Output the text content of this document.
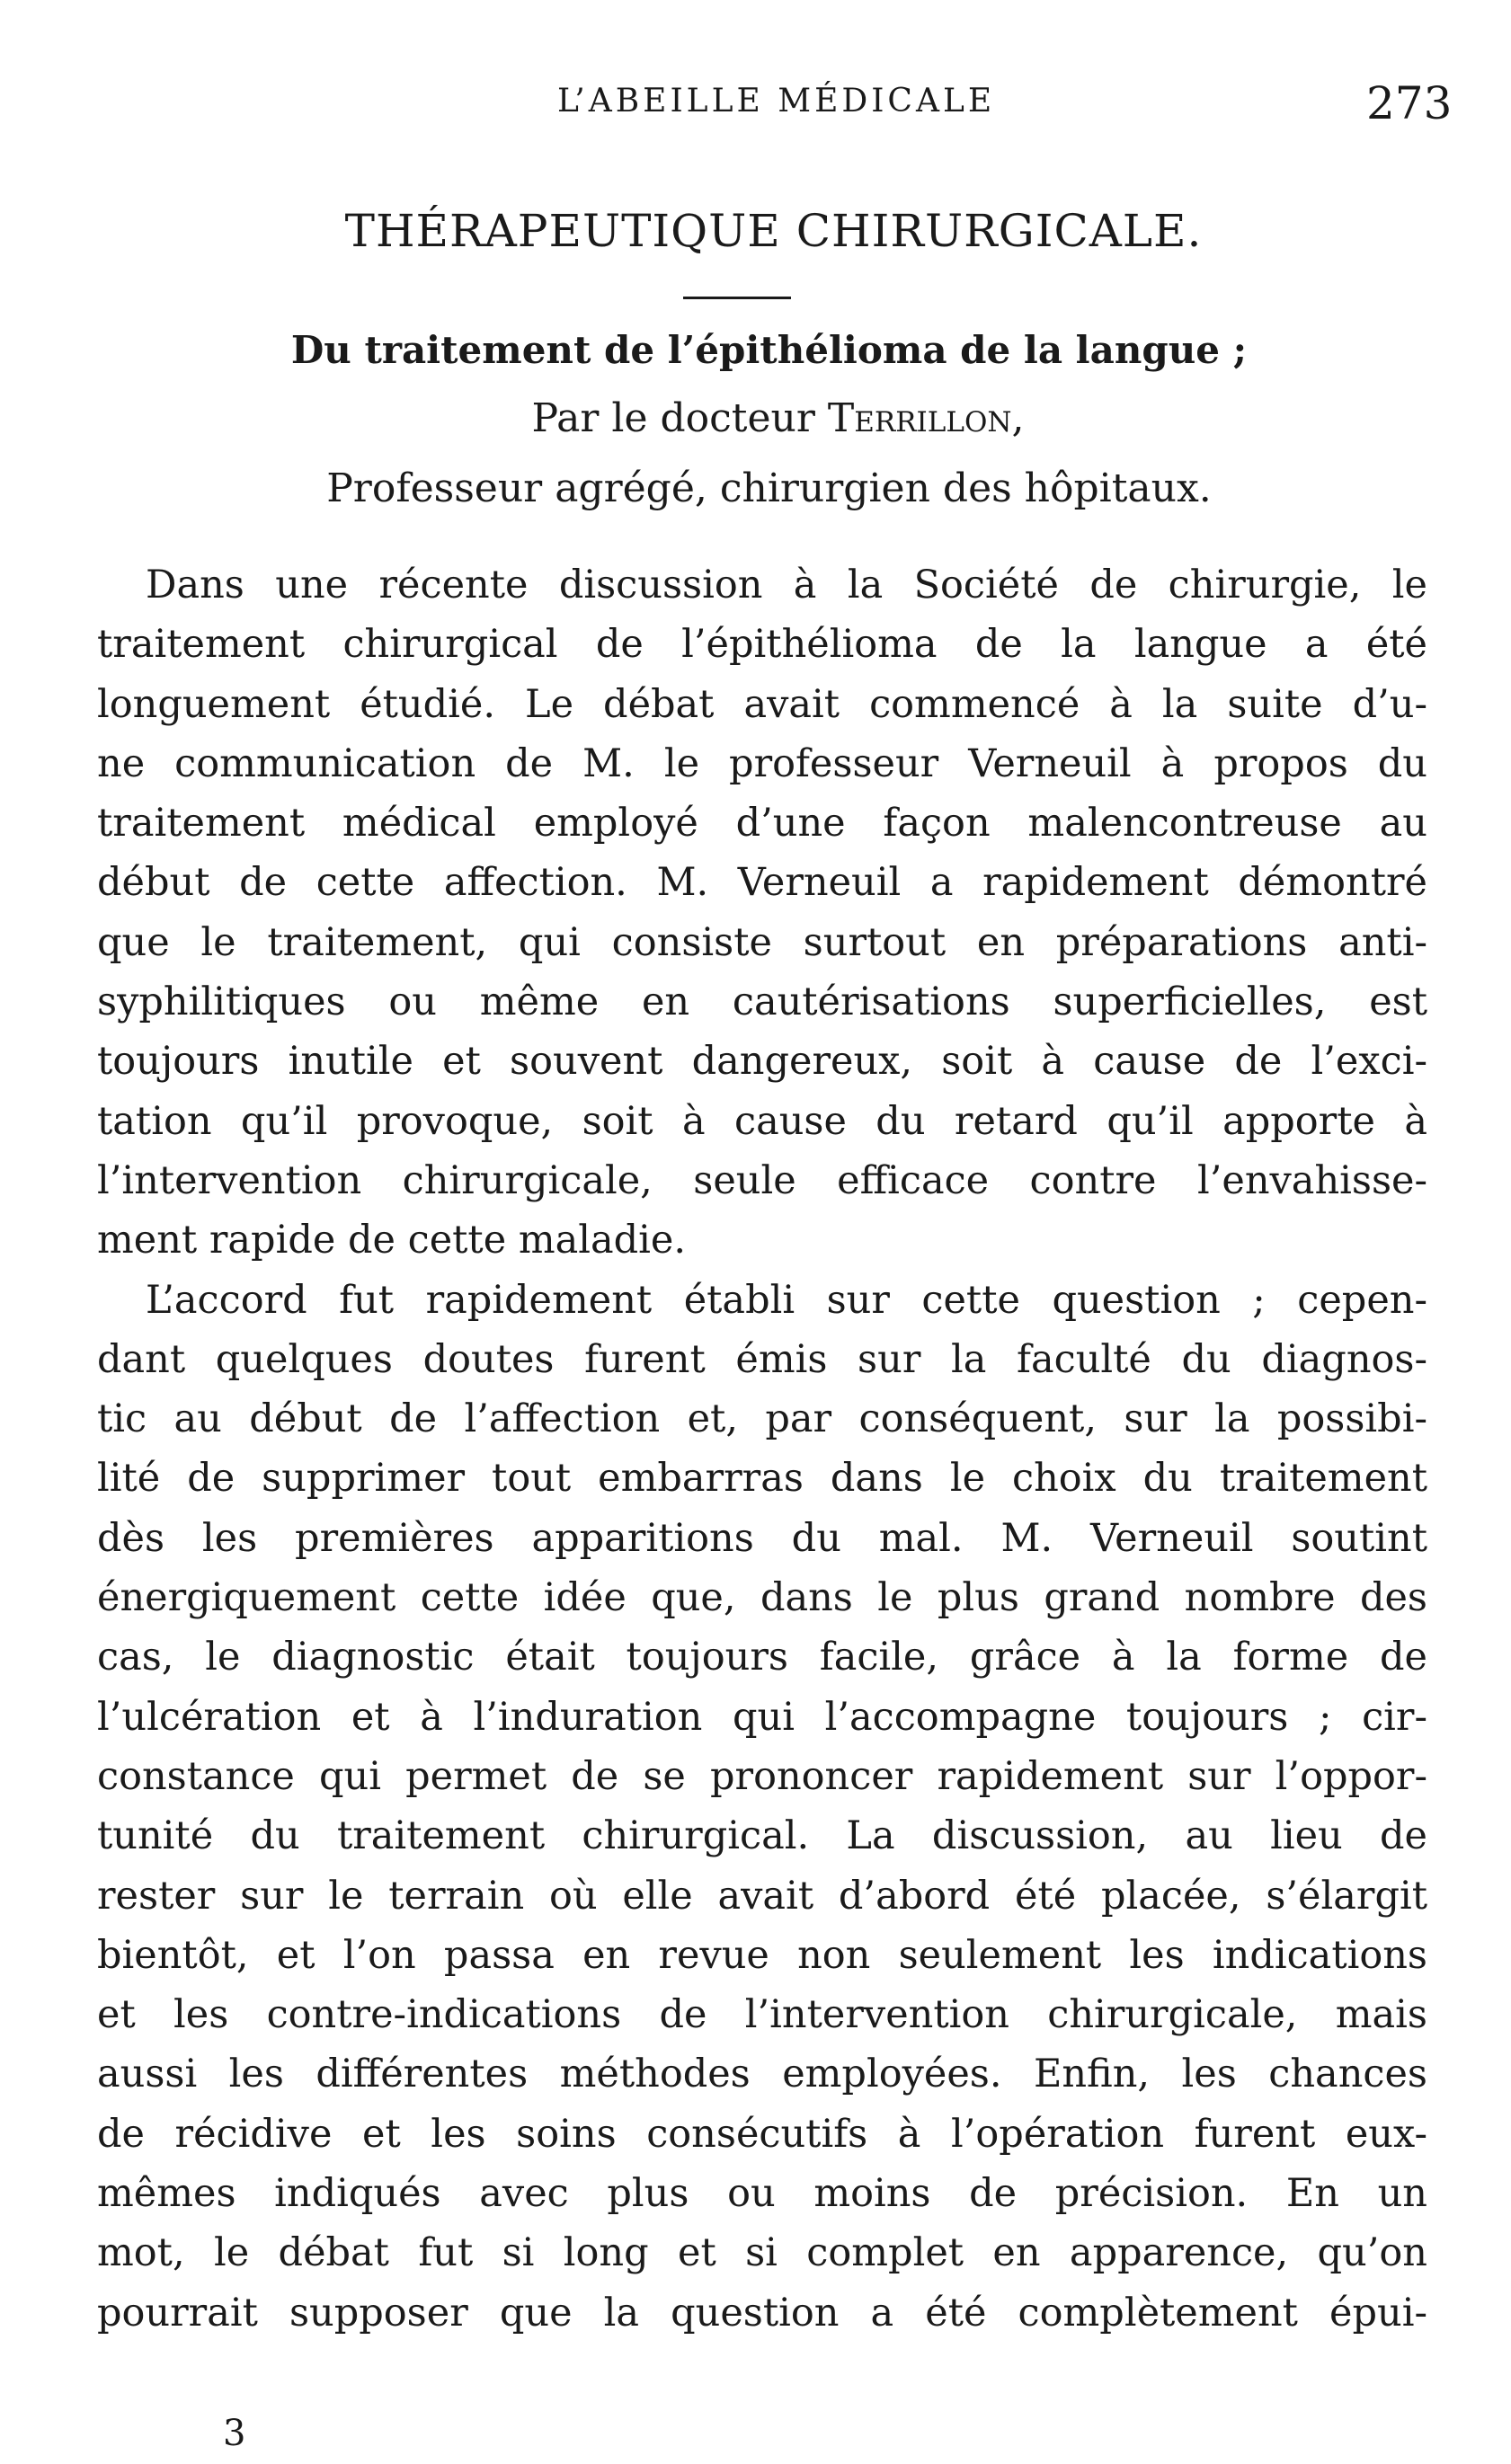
L’ABEILLE MÉDICALE	273
THÉRAPEUTIQUE CHIRURGICALE.
Du traitement de l’épithélioma de la langue ;
Par le docteur Terrillon,
Professeur agrégé, chirurgien des hôpitaux.
Dans une récente discussion à la Société de chirurgie, le
traitement chirurgical de l’épithélioma de la langue a été
longuement étudié. Le débat avait commencé à la suite d’u-
ne communication de M. le professeur Verneuil à propos du
traitement médical employé d’une façon malencontreuse au
début de cette affection. M. Verneuil a rapidement démontré
que le traitement, qui consiste surtout en préparations anti-
syphilitiques ou même en cautérisations superficielles, est
toujours inutile et souvent dangereux, soit à cause de l’exci-
tation qu’il provoque, soit à cause du retard qu’il apporte à
l’intervention chirurgicale, seule efficace contre l’envahisse-
ment rapide de cette maladie.
L’accord fut rapidement établi sur cette question ; cepen-
dant quelques doutes furent émis sur la faculté du diagnos-
tic au début de l’affection et, par conséquent, sur la possibi-
lité de supprimer tout embarrras dans le choix du traitement
dès les premières apparitions du mal. M. Verneuil soutint
énergiquement cette idée que, dans le plus grand nombre des
cas, le diagnostic était toujours facile, grâce à la forme de
l’ulcération et à l’induration qui l’accompagne toujours ; cir-
constance qui permet de se prononcer rapidement sur l’oppor-
tunité du traitement chirurgical. La discussion, au lieu de
rester sur le terrain où elle avait d’abord été placée, s’élargit
bientôt, et l’on passa en revue non seulement les indications
et les contre-indications de l’intervention chirurgicale, mais
aussi les différentes méthodes employées. Enfin, les chances
de récidive et les soins consécutifs à l’opération furent eux-
mêmes indiqués avec plus ou moins de précision. En un
mot, le débat fut si long et si complet en apparence, qu’on
pourrait supposer que la question a été complètement épui-
3
